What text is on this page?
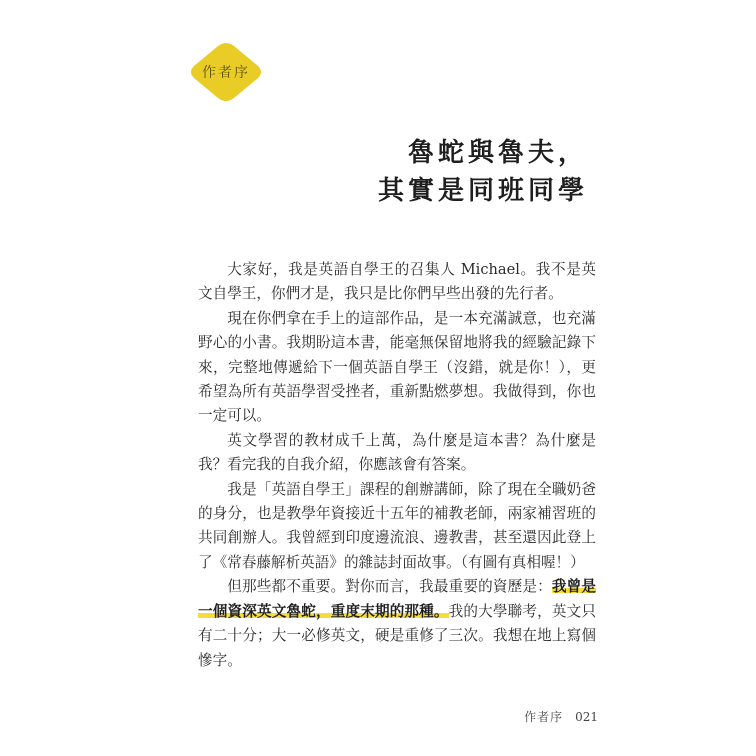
作者序
魯蛇與魯夫，
其實是同班同學

大家好，我是英語自學王的召集人 Michael。我不是英文自學王，你們才是，我只是比你們早些出發的先行者。

現在你們拿在手上的這部作品，是一本充滿誠意，也充滿野心的小書。我期盼這本書，能毫無保留地將我的經驗記錄下來，完整地傳遞給下一個英語自學王（沒錯，就是你！），更希望為所有英語學習受挫者，重新點燃夢想。我做得到，你也一定可以。

英文學習的教材成千上萬，為什麼是這本書？為什麼是我？看完我的自我介紹，你應該會有答案。

我是「英語自學王」課程的創辦講師，除了現在全職奶爸的身分，也是教學年資接近十五年的補教老師，兩家補習班的共同創辦人。我曾經到印度邊流浪、邊教書，甚至還因此登上了《常春藤解析英語》的雜誌封面故事。（有圖有真相喔！）

但那些都不重要。對你而言，我最重要的資歷是：我曾是一個資深英文魯蛇，重度末期的那種。我的大學聯考，英文只有二十分；大一必修英文，硬是重修了三次。我想在地上寫個慘字。

作者序 021
